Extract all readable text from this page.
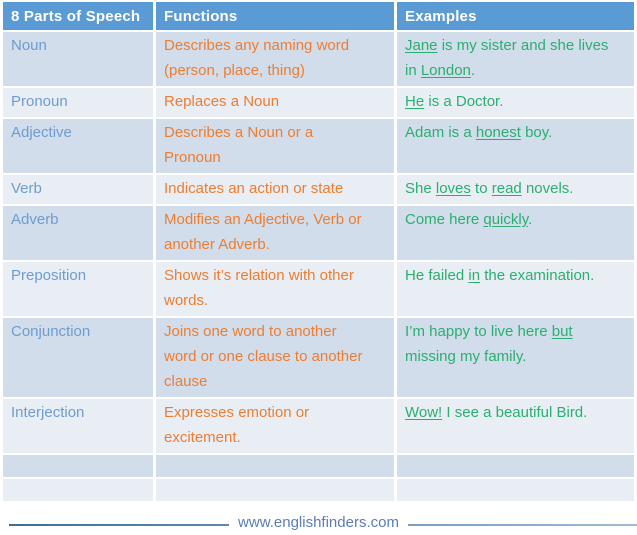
8 Parts of Speech	Functions	Examples
Noun	Describes any naming word (person, place, thing)	Jane is my sister and she lives in London.

Pronoun	Replaces a Noun	He is a Doctor.

Adjective	Describes a Noun or a Pronoun	Adam is a honest boy.

Verb	Indicates an action or state	She loves to read novels.

Adverb	Modifies an Adjective, Verb or another Adverb.	Come here quickly.

Preposition	Shows it’s relation with other words.	He failed in the examination.

Conjunction	Joins one word to another word or one clause to another clause	I’m happy to live here but missing my family.

Interjection	Expresses emotion or excitement.	Wow! I see a beautiful Bird.

www.englishfinders.com
